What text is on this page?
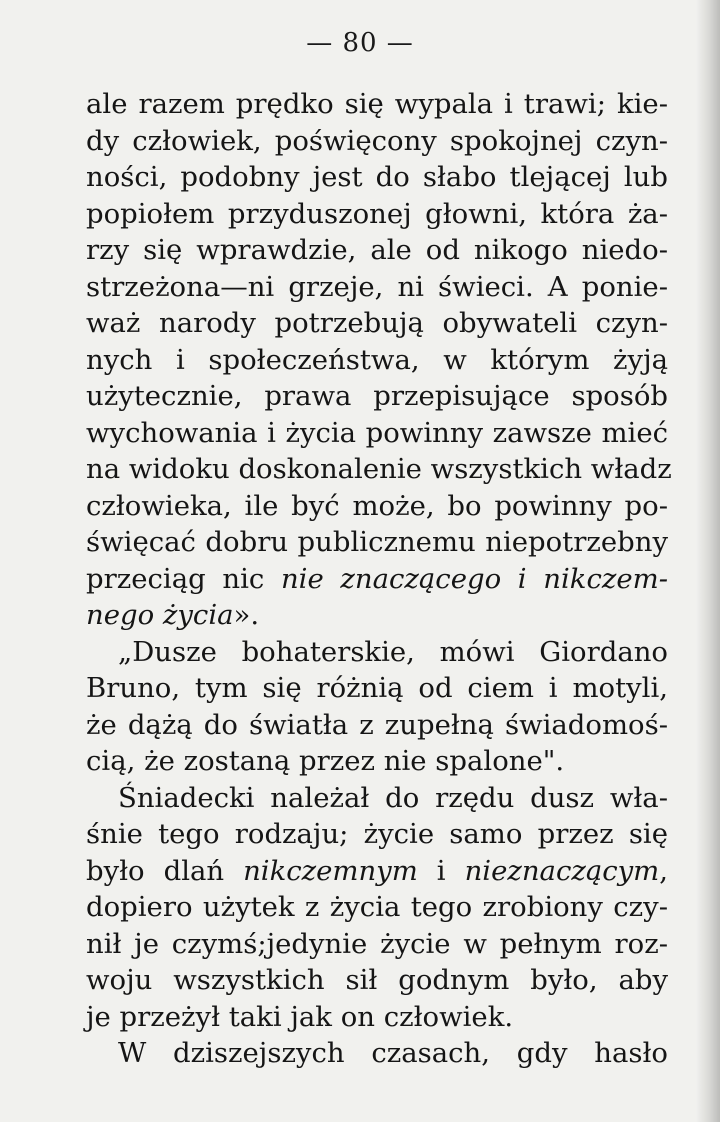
— 80 —
ale razem prędko się wypala i trawi; kie-
dy człowiek, poświęcony spokojnej czyn-
ności, podobny jest do słabo tlejącej lub
popiołem przyduszonej głowni, która ża-
rzy się wprawdzie, ale od nikogo niedo-
strzeżona—ni grzeje, ni świeci. A ponie-
waż narody potrzebują obywateli czyn-
nych i społeczeństwa, w którym żyją
użytecznie, prawa przepisujące sposób
wychowania i życia powinny zawsze mieć
na widoku doskonalenie wszystkich władz
człowieka, ile być może, bo powinny po-
święcać dobru publicznemu niepotrzebny
przeciąg nic nie znaczącego i nikczem-
nego życia».
„Dusze bohaterskie, mówi Giordano
Bruno, tym się różnią od ciem i motyli,
że dążą do światła z zupełną świadomoś-
cią, że zostaną przez nie spalone".
Śniadecki należał do rzędu dusz wła-
śnie tego rodzaju; życie samo przez się
było dlań nikczemnym i nieznaczącym,
dopiero użytek z życia tego zrobiony czy-
nił je czymś;jedynie życie w pełnym roz-
woju wszystkich sił godnym było, aby
je przeżył taki jak on człowiek.
W dziszejszych czasach, gdy hasło
